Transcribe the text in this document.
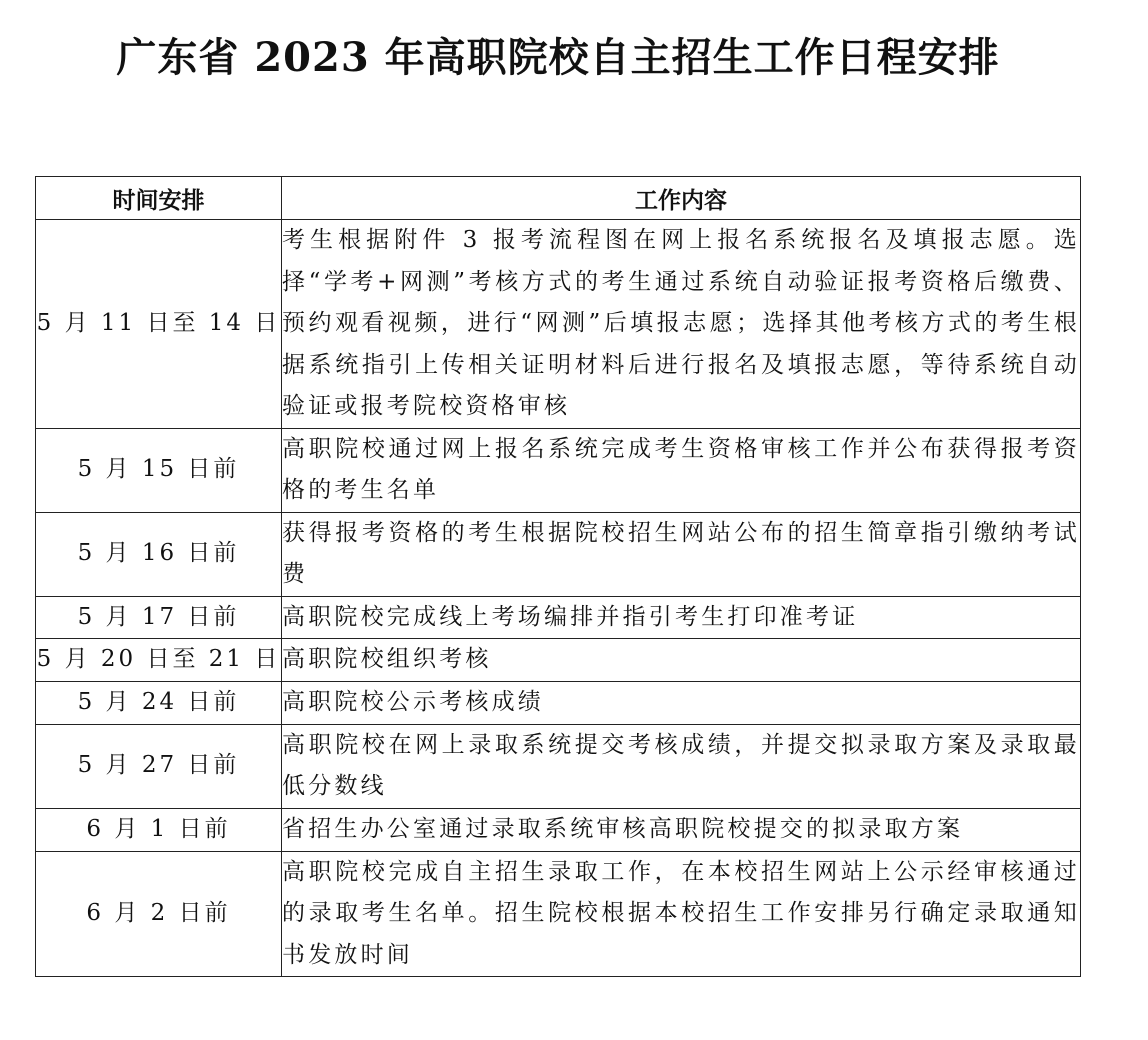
广东省 2023 年高职院校自主招生工作日程安排
时间安排	工作内容
5 月 11 日至 14 日	考生根据附件 3 报考流程图在网上报名系统报名及填报志愿。选择“学考+网测”考核方式的考生通过系统自动验证报考资格后缴费、预约观看视频，进行“网测”后填报志愿；选择其他考核方式的考生根据系统指引上传相关证明材料后进行报名及填报志愿，等待系统自动验证或报考院校资格审核
5 月 15 日前	高职院校通过网上报名系统完成考生资格审核工作并公布获得报考资格的考生名单
5 月 16 日前	获得报考资格的考生根据院校招生网站公布的招生简章指引缴纳考试费
5 月 17 日前	高职院校完成线上考场编排并指引考生打印准考证
5 月 20 日至 21 日	高职院校组织考核
5 月 24 日前	高职院校公示考核成绩
5 月 27 日前	高职院校在网上录取系统提交考核成绩，并提交拟录取方案及录取最低分数线
6 月 1 日前	省招生办公室通过录取系统审核高职院校提交的拟录取方案
6 月 2 日前	高职院校完成自主招生录取工作，在本校招生网站上公示经审核通过的录取考生名单。招生院校根据本校招生工作安排另行确定录取通知书发放时间
